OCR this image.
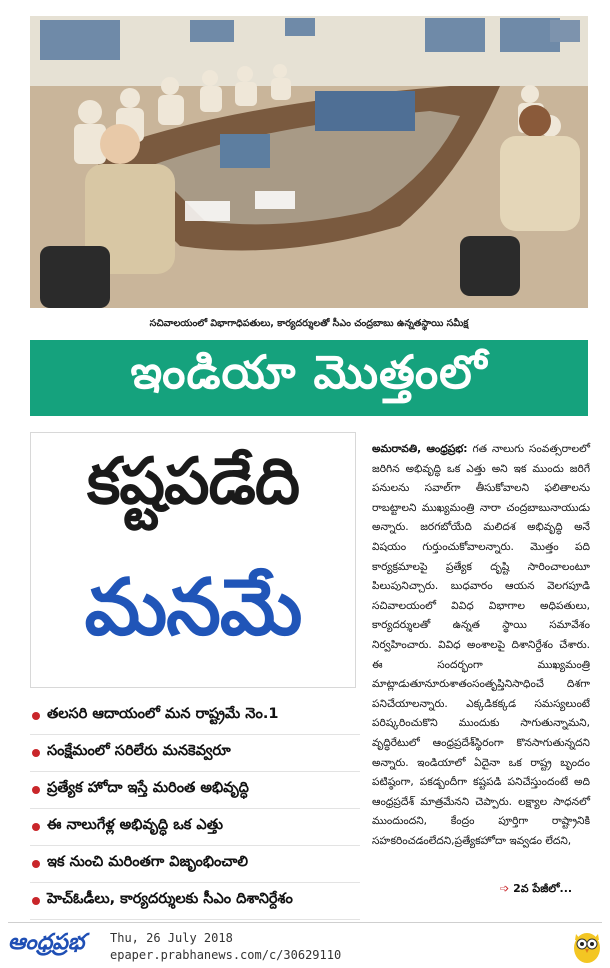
సచివాలయంలో విభాగాధిపతులు, కార్యదర్శులతో సీఎం చంద్రబాబు ఉన్నతస్థాయి సమీక్ష
ఇండియా మొత్తంలో
కష్టపడేది
మనమే
తలసరి ఆదాయంలో మన రాష్ట్రమే నెం.1
సంక్షేమంలో సరిలేరు మనకెవ్వరూ
ప్రత్యేక హోదా ఇస్తే మరింత అభివృద్ధి
ఈ నాలుగేళ్ల అభివృద్ధి ఒక ఎత్తు
ఇక నుంచి మరింతగా విజృంభించాలి
హెచ్ఓడీలు, కార్యదర్శులకు సీఎం దిశానిర్దేశం
అమరావతి, ఆంధ్రప్రభ: గత నాలుగు సంవత్సరాలలో జరిగిన అభివృద్ధి ఒక ఎత్తు అని ఇక ముందు జరిగే పనులను సవాల్‌గా తీసుకోవాలని ఫలితాలను రాబట్టాలని ముఖ్యమంత్రి నారా చంద్రబాబునాయుడు అన్నారు. జరగబోయేది మలిదశ అభివృద్ధి అనే విషయం గుర్తుంచుకోవాలన్నారు. మొత్తం పది కార్యక్రమాలపై ప్రత్యేక దృష్టి సారించాలంటూ పిలుపునిచ్చారు. బుధవారం ఆయన వెలగపూడి సచివాలయంలో వివిధ విభాగాల అధిపతులు, కార్యదర్శులతో ఉన్నత స్థాయి సమావేశం నిర్వహించారు. వివిధ అంశాలపై దిశానిర్దేశం చేశారు. ఈ సందర్భంగా ముఖ్యమంత్రి మాట్లాడుతూనూరుశాతంసంతృప్తినిసాధించే దిశగా పనిచేయాలన్నారు. ఎక్కడికక్కడ సమస్యలుంటే పరిష్కరించుకొని ముందుకు సాగుతున్నామని, వృద్ధిరేటులో ఆంధ్రప్రదేశ్‌స్థిరంగా కొనసాగుతున్నదని అన్నారు. ఇండియాలో ఏదైనా ఒక రాష్ట్ర బృందం పటిష్ఠంగా, పకడ్బందీగా కష్టపడి పనిచేస్తుందంటే అది ఆంధ్రప్రదేశ్ మాత్రమేనని చెప్పారు. లక్ష్యాల సాధనలో ముందుందని, కేంద్రం పూర్తిగా రాష్ట్రానికి సహకరించడంలేదని,ప్రత్యేకహోదా ఇవ్వడం లేదని,
➩ 2వ పేజీలో...
ఆంధ్రప్రభ Thu, 26 July 2018
epaper.prabhanews.com/c/30629110
